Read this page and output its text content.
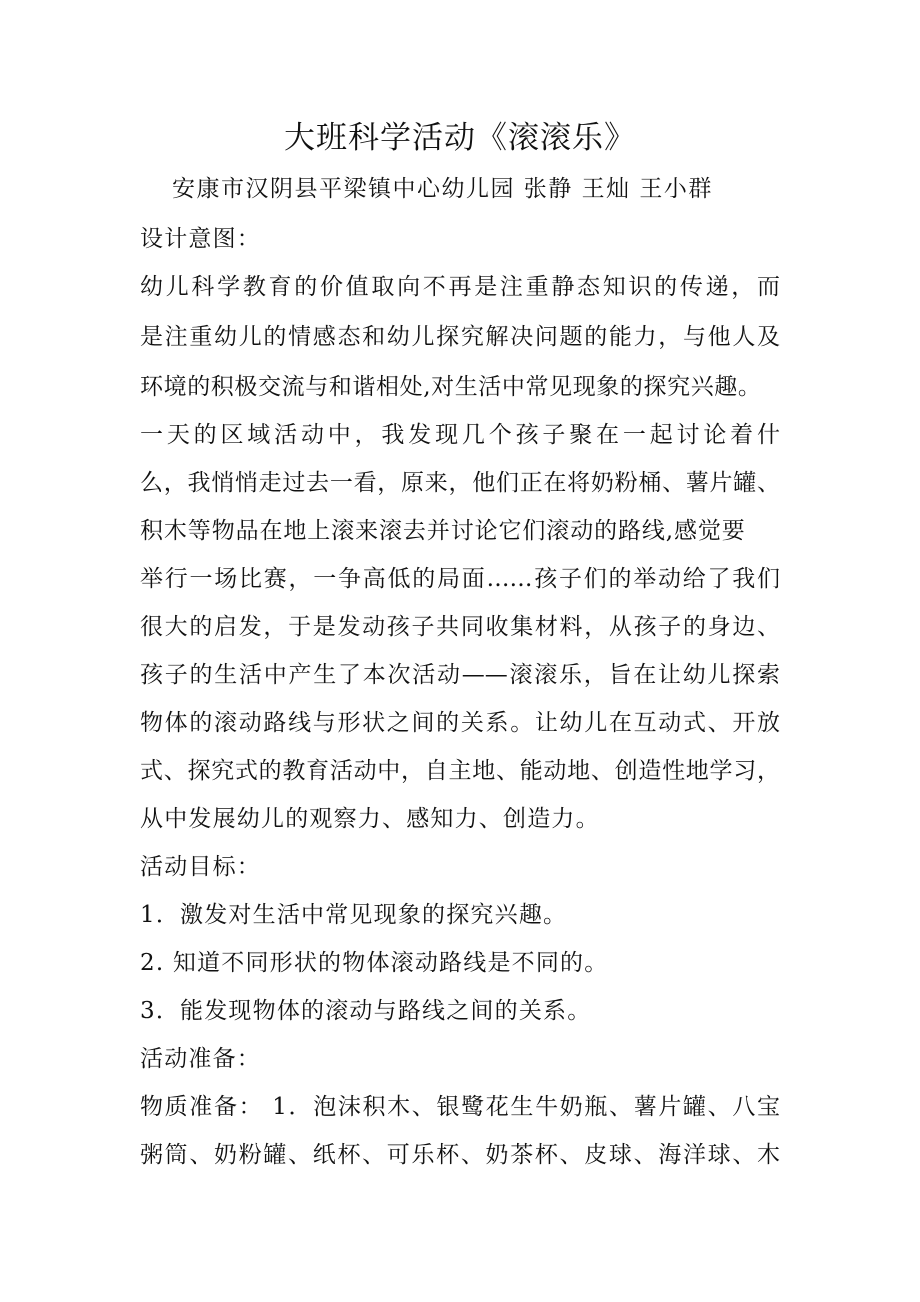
大班科学活动《滚滚乐》
安康市汉阴县平梁镇中心幼儿园 张静 王灿 王小群
设计意图：
幼儿科学教育的价值取向不再是注重静态知识的传递，而
是注重幼儿的情感态和幼儿探究解决问题的能力，与他人及
环境的积极交流与和谐相处,对生活中常见现象的探究兴趣。
一天的区域活动中，我发现几个孩子聚在一起讨论着什
么，我悄悄走过去一看，原来，他们正在将奶粉桶、薯片罐、
积木等物品在地上滚来滚去并讨论它们滚动的路线,感觉要
举行一场比赛，一争高低的局面……孩子们的举动给了我们
很大的启发，于是发动孩子共同收集材料，从孩子的身边、
孩子的生活中产生了本次活动——滚滚乐，旨在让幼儿探索
物体的滚动路线与形状之间的关系。让幼儿在互动式、开放
式、探究式的教育活动中，自主地、能动地、创造性地学习，
从中发展幼儿的观察力、感知力、创造力。
活动目标：
1．激发对生活中常见现象的探究兴趣。
2. 知道不同形状的物体滚动路线是不同的。
3．能发现物体的滚动与路线之间的关系。
活动准备：
物质准备： 1．泡沫积木、银鹭花生牛奶瓶、薯片罐、八宝
粥筒、奶粉罐、纸杯、可乐杯、奶茶杯、皮球、海洋球、木
